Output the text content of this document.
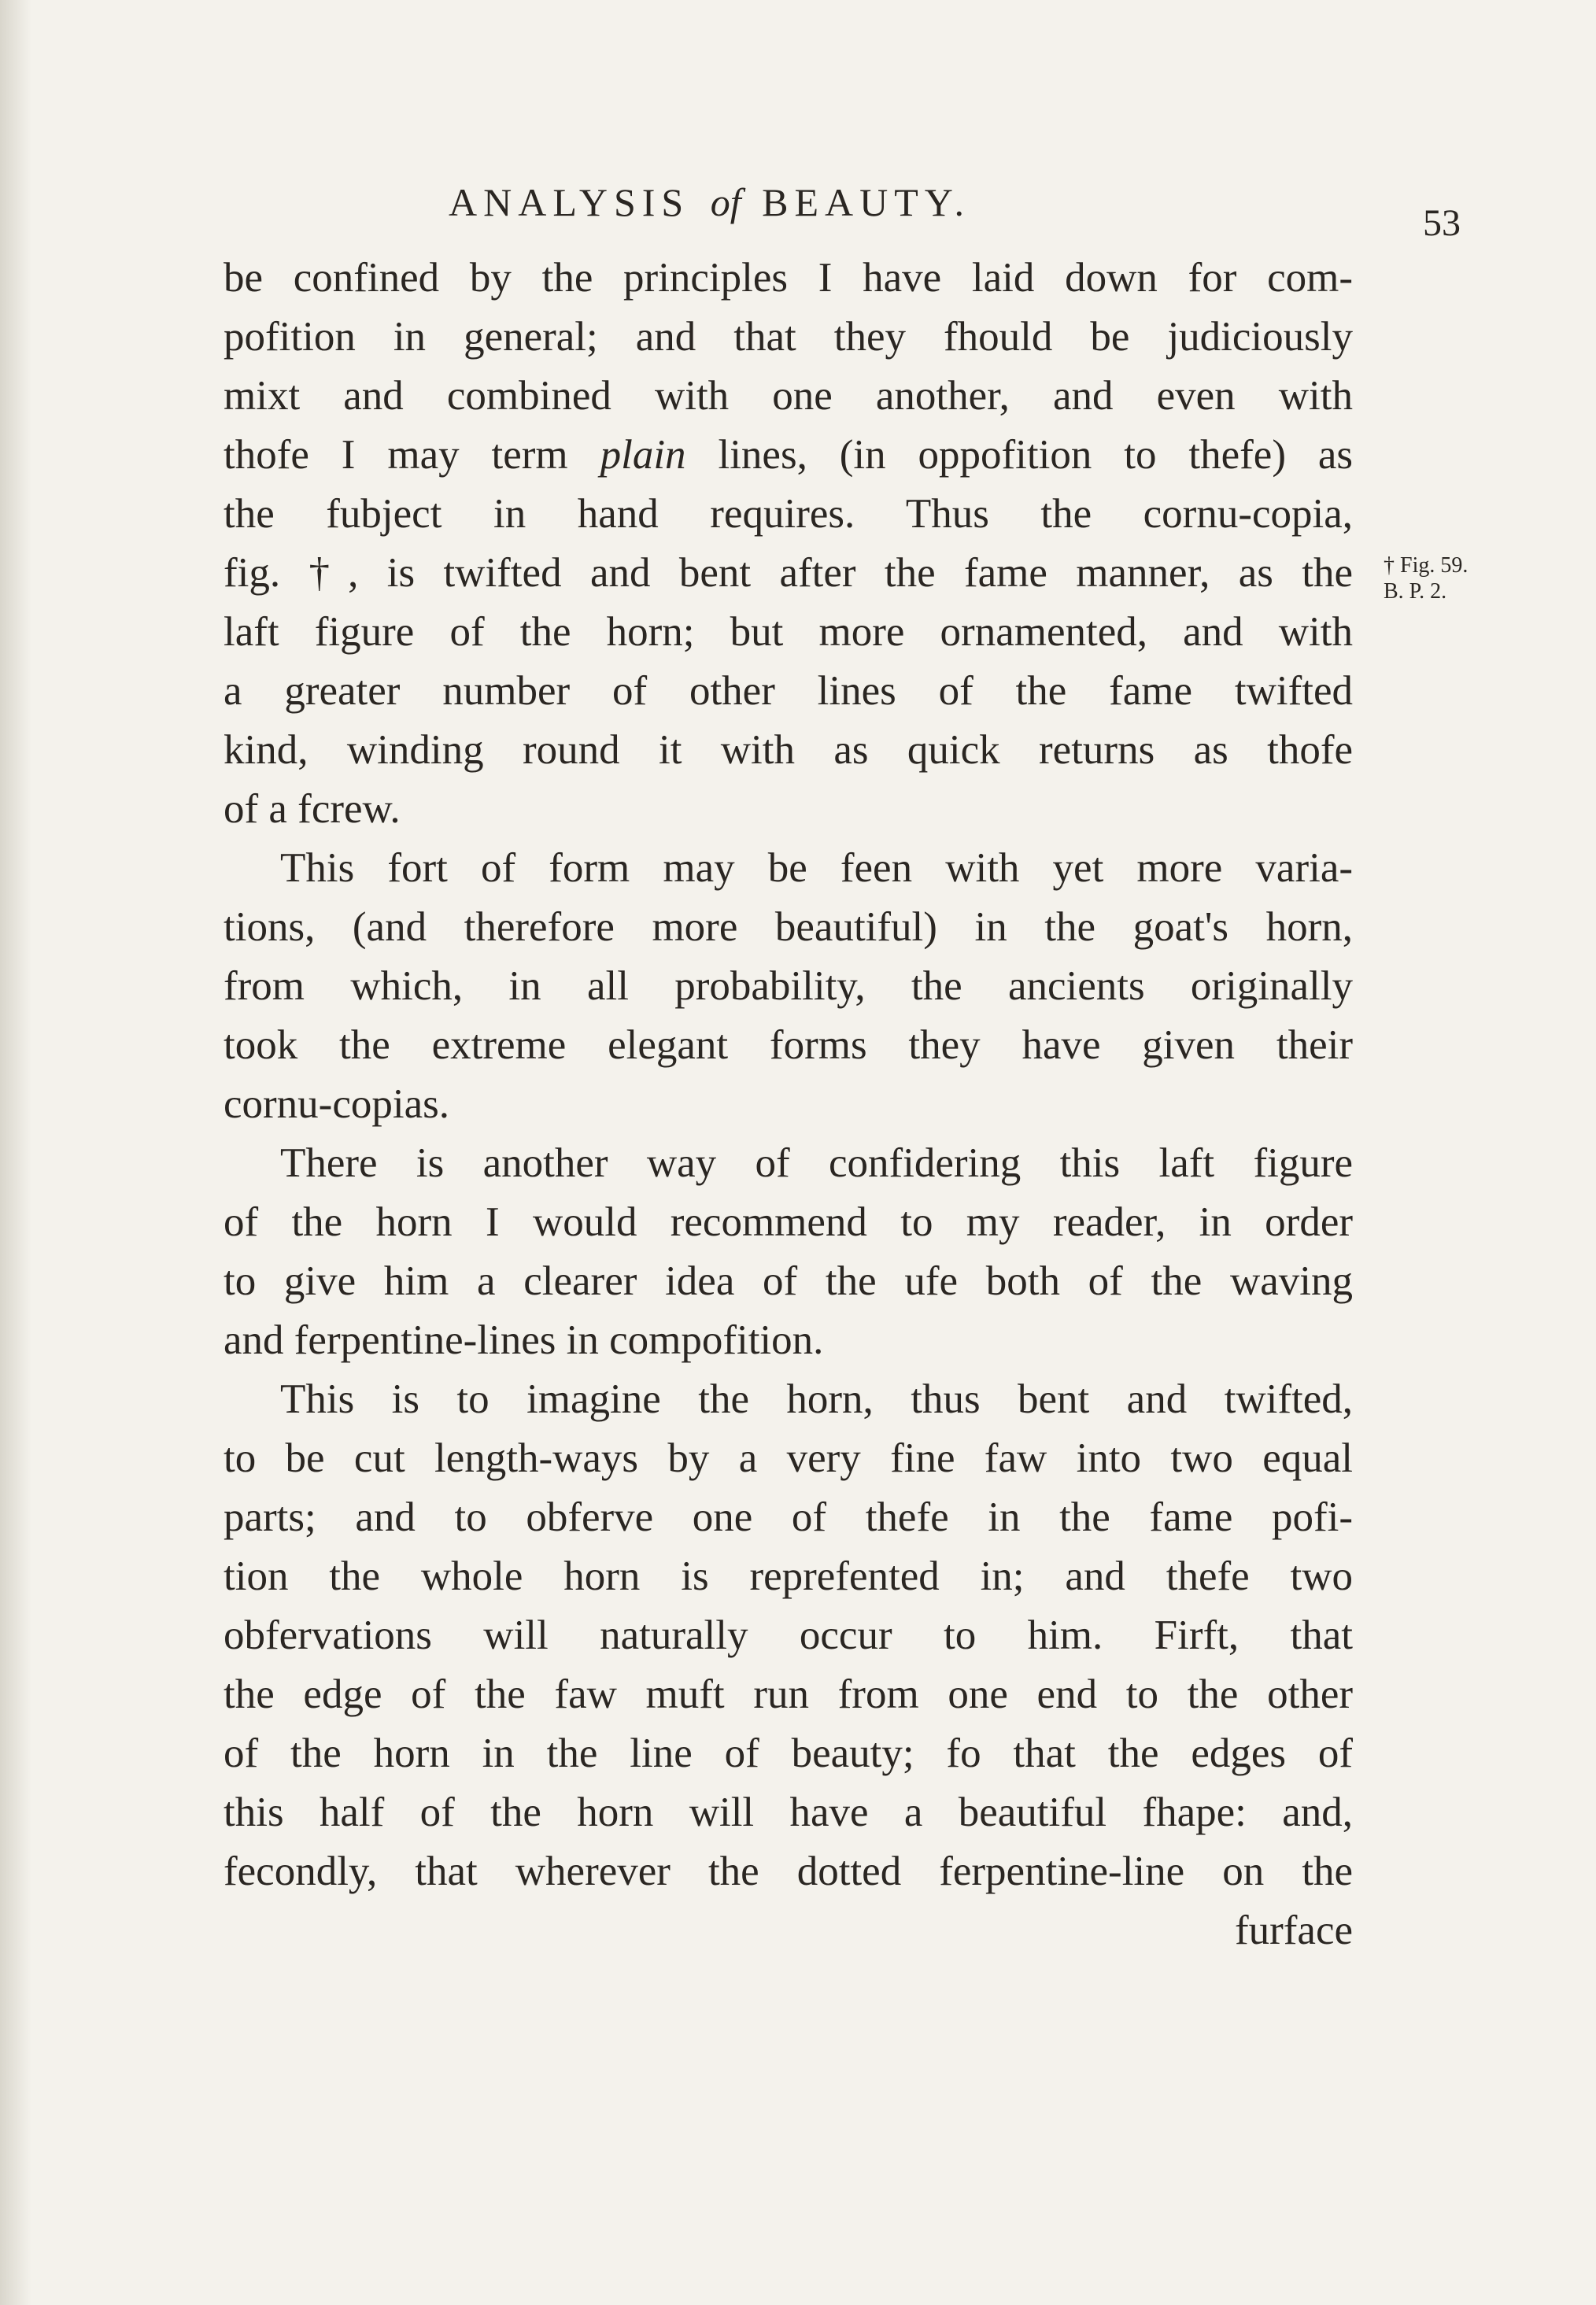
ANALYSIS of BEAUTY.	53
† Fig. 59.
B. P. 2.
be confined by the principles I have laid down for com-
pofition in general; and that they fhould be judiciously
mixt and combined with one another, and even with
thofe I may term plain lines, (in oppofition to thefe) as
the fubject in hand requires. Thus the cornu-copia,
fig. †, is twifted and bent after the fame manner, as the
laft figure of the horn; but more ornamented, and with
a greater number of other lines of the fame twifted
kind, winding round it with as quick returns as thofe
of a fcrew.
This fort of form may be feen with yet more varia-
tions, (and therefore more beautiful) in the goat's horn,
from which, in all probability, the ancients originally
took the extreme elegant forms they have given their
cornu-copias.
There is another way of confidering this laft figure
of the horn I would recommend to my reader, in order
to give him a clearer idea of the ufe both of the waving
and ferpentine-lines in compofition.
This is to imagine the horn, thus bent and twifted,
to be cut length-ways by a very fine faw into two equal
parts; and to obferve one of thefe in the fame pofi-
tion the whole horn is reprefented in; and thefe two
obfervations will naturally occur to him. Firft, that
the edge of the faw muft run from one end to the other
of the horn in the line of beauty; fo that the edges of
this half of the horn will have a beautiful fhape: and,
fecondly, that wherever the dotted ferpentine-line on the
furface
